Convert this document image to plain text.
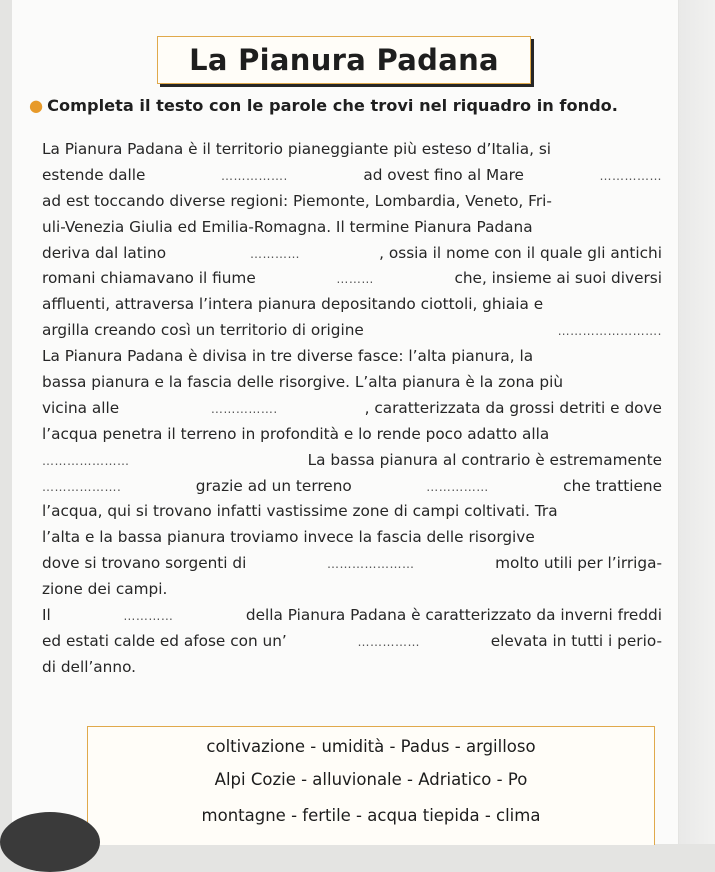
La Pianura Padana
● Completa il testo con le parole che trovi nel riquadro in fondo.
La Pianura Padana è il territorio pianeggiante più esteso d’Italia, si
estende dalle	…………….	ad ovest fino al Mare	……………
ad est toccando diverse regioni: Piemonte, Lombardia, Veneto, Fri-
uli-Venezia Giulia ed Emilia-Romagna. Il termine Pianura Padana
deriva dal latino	…………	, ossia il nome con il quale gli antichi
romani chiamavano il fiume	………	che, insieme ai suoi diversi
affluenti, attraversa l’intera pianura depositando ciottoli, ghiaia e
argilla creando così un territorio di origine	…………………….
La Pianura Padana è divisa in tre diverse fasce: l’alta pianura, la
bassa pianura e la fascia delle risorgive. L’alta pianura è la zona più
vicina alle	…………….	, caratterizzata da grossi detriti e dove
l’acqua penetra il terreno in profondità e lo rende poco adatto alla
…………………	La bassa pianura al contrario è estremamente
……………….	grazie ad un terreno	……………	che trattiene
l’acqua, qui si trovano infatti vastissime zone di campi coltivati. Tra
l’alta e la bassa pianura troviamo invece la fascia delle risorgive
dove si trovano sorgenti di	…………………	molto utili per l’irriga-
zione dei campi.
Il	…………	della Pianura Padana è caratterizzato da inverni freddi
ed estati calde ed afose con un’	……………	elevata in tutti i perio-
di dell’anno.
coltivazione - umidità - Padus - argilloso
Alpi Cozie - alluvionale - Adriatico - Po
montagne - fertile - acqua tiepida - clima
